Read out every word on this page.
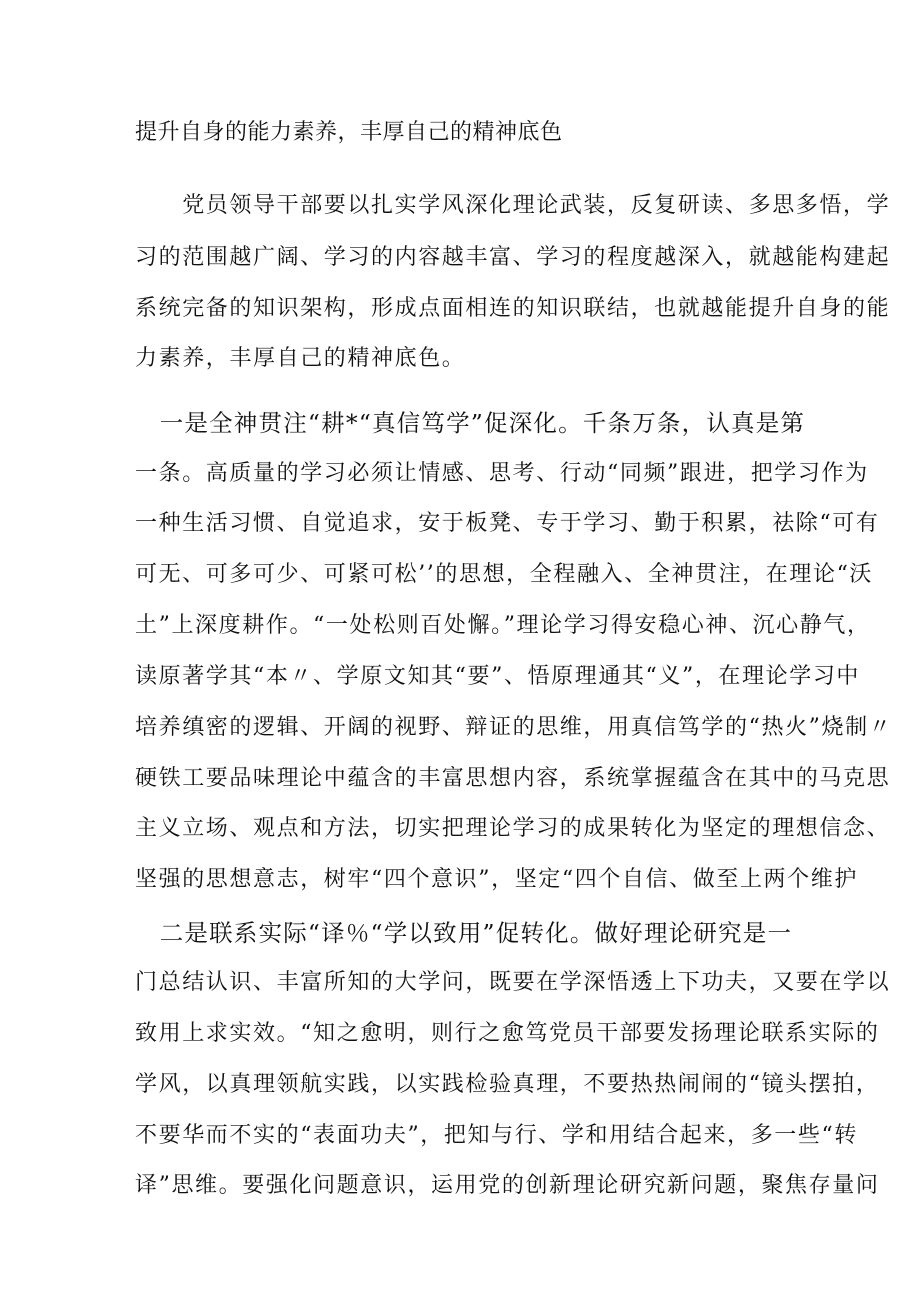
提升自身的能力素养，丰厚自己的精神底色
　　党员领导干部要以扎实学风深化理论武装，反复研读、多思多悟，学
习的范围越广阔、学习的内容越丰富、学习的程度越深入，就越能构建起
系统完备的知识架构，形成点面相连的知识联结，也就越能提升自身的能
力素养，丰厚自己的精神底色。
　一是全神贯注“耕*“真信笃学”促深化。千条万条，认真是第
一条。高质量的学习必须让情感、思考、行动“同频”跟进，把学习作为
一种生活习惯、自觉追求，安于板凳、专于学习、勤于积累，祛除“可有
可无、可多可少、可紧可松’’的思想，全程融入、全神贯注，在理论“沃
土”上深度耕作。“一处松则百处懈。”理论学习得安稳心神、沉心静气，
读原著学其“本〃、学原文知其“要”、悟原理通其“义”，在理论学习中
培养缜密的逻辑、开阔的视野、辩证的思维，用真信笃学的“热火”烧制〃
硬铁工要品味理论中蕴含的丰富思想内容，系统掌握蕴含在其中的马克思
主义立场、观点和方法，切实把理论学习的成果转化为坚定的理想信念、
坚强的思想意志，树牢“四个意识”，坚定“四个自信、做至上两个维护
　二是联系实际“译％“学以致用”促转化。做好理论研究是一
门总结认识、丰富所知的大学问，既要在学深悟透上下功夫，又要在学以
致用上求实效。“知之愈明，则行之愈笃党员干部要发扬理论联系实际的
学风，以真理领航实践，以实践检验真理，不要热热闹闹的“镜头摆拍，
不要华而不实的“表面功夫”，把知与行、学和用结合起来，多一些“转
译”思维。要强化问题意识，运用党的创新理论研究新问题，聚焦存量问
